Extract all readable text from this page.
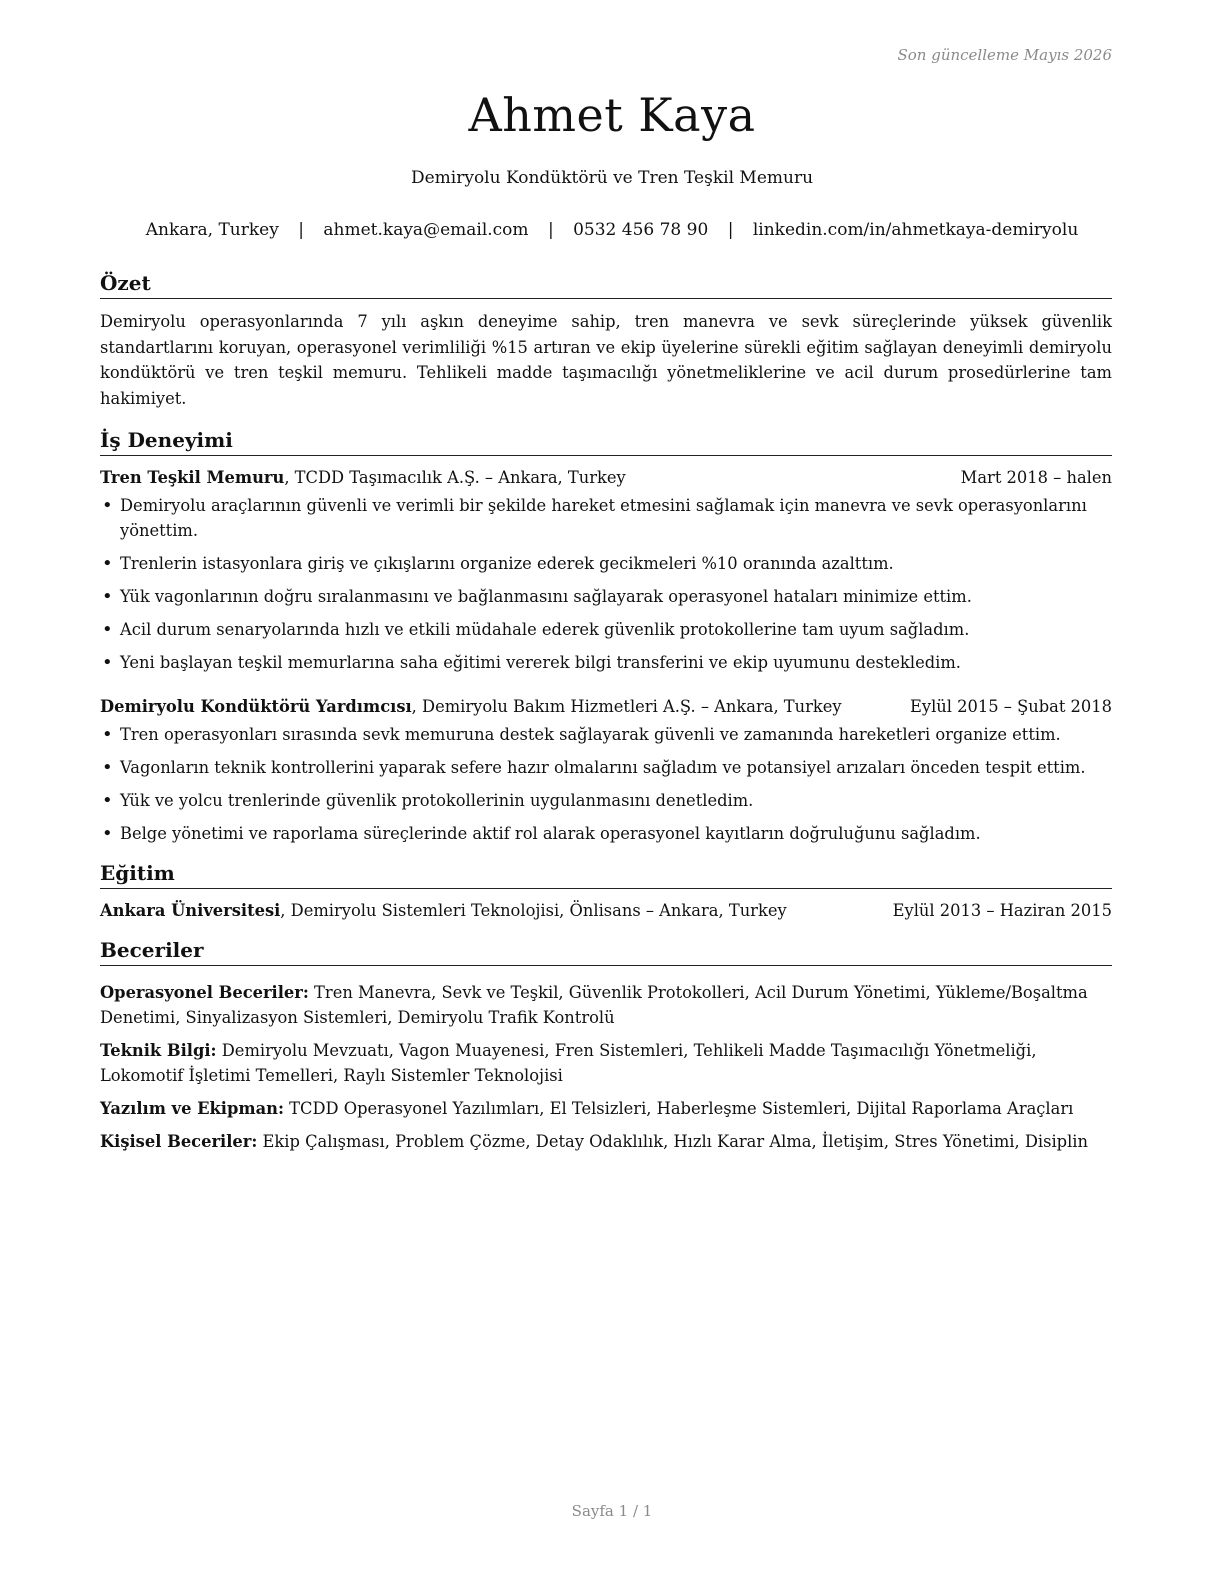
Son güncelleme Mayıs 2026
Ahmet Kaya
Demiryolu Kondüktörü ve Tren Teşkil Memuru
Ankara, Turkey | ahmet.kaya@email.com | 0532 456 78 90 | linkedin.com/in/ahmetkaya-demiryolu
Özet

Demiryolu operasyonlarında 7 yılı aşkın deneyime sahip, tren manevra ve sevk süreçlerinde yüksek güvenlik standartlarını koruyan, operasyonel verimliliği %15 artıran ve ekip üyelerine sürekli eğitim sağlayan deneyimli demiryolu kondüktörü ve tren teşkil memuru. Tehlikeli madde taşımacılığı yönetmeliklerine ve acil durum prosedürlerine tam hakimiyet.

İş Deneyimi
Tren Teşkil Memuru, TCDD Taşımacılık A.Ş. – Ankara, Turkey	Mart 2018 – halen
• Demiryolu araçlarının güvenli ve verimli bir şekilde hareket etmesini sağlamak için manevra ve sevk operasyonlarını yönettim.
• Trenlerin istasyonlara giriş ve çıkışlarını organize ederek gecikmeleri %10 oranında azalttım.
• Yük vagonlarının doğru sıralanmasını ve bağlanmasını sağlayarak operasyonel hataları minimize ettim.
• Acil durum senaryolarında hızlı ve etkili müdahale ederek güvenlik protokollerine tam uyum sağladım.
• Yeni başlayan teşkil memurlarına saha eğitimi vererek bilgi transferini ve ekip uyumunu destekledim.
Demiryolu Kondüktörü Yardımcısı, Demiryolu Bakım Hizmetleri A.Ş. – Ankara, Turkey	Eylül 2015 – Şubat 2018
• Tren operasyonları sırasında sevk memuruna destek sağlayarak güvenli ve zamanında hareketleri organize ettim.
• Vagonların teknik kontrollerini yaparak sefere hazır olmalarını sağladım ve potansiyel arızaları önceden tespit ettim.
• Yük ve yolcu trenlerinde güvenlik protokollerinin uygulanmasını denetledim.
• Belge yönetimi ve raporlama süreçlerinde aktif rol alarak operasyonel kayıtların doğruluğunu sağladım.
Eğitim
Ankara Üniversitesi, Demiryolu Sistemleri Teknolojisi, Önlisans – Ankara, Turkey	Eylül 2013 – Haziran 2015
Beceriler

Operasyonel Beceriler: Tren Manevra, Sevk ve Teşkil, Güvenlik Protokolleri, Acil Durum Yönetimi, Yükleme/Boşaltma Denetimi, Sinyalizasyon Sistemleri, Demiryolu Trafik Kontrolü

Teknik Bilgi: Demiryolu Mevzuatı, Vagon Muayenesi, Fren Sistemleri, Tehlikeli Madde Taşımacılığı Yönetmeliği, Lokomotif İşletimi Temelleri, Raylı Sistemler Teknolojisi

Yazılım ve Ekipman: TCDD Operasyonel Yazılımları, El Telsizleri, Haberleşme Sistemleri, Dijital Raporlama Araçları

Kişisel Beceriler: Ekip Çalışması, Problem Çözme, Detay Odaklılık, Hızlı Karar Alma, İletişim, Stres Yönetimi, Disiplin

Sayfa 1 / 1
